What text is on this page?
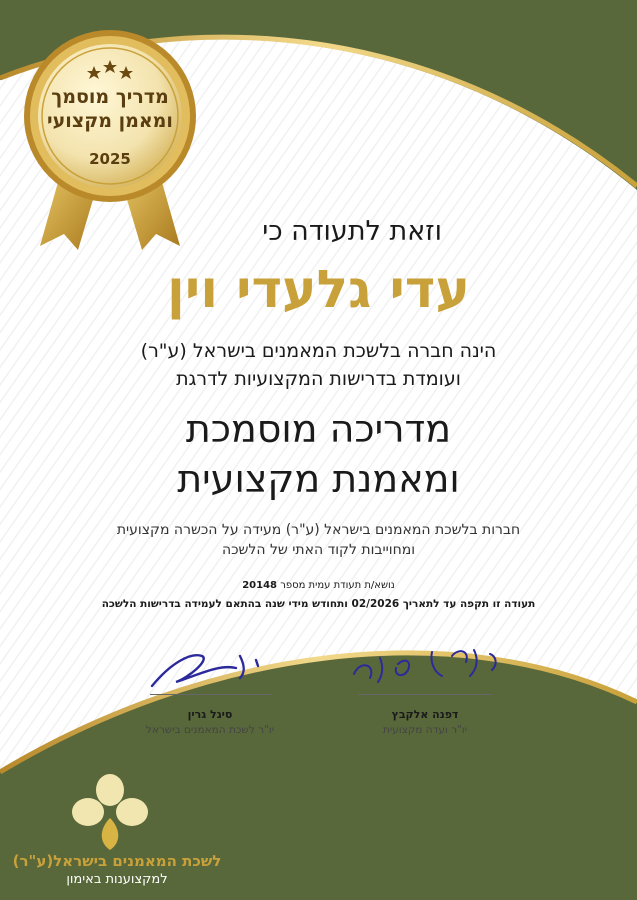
מדריך מוסמך
ומאמן מקצועי
2025
וזאת לתעודה כי
עדי גלעדי וין
הינה חברה בלשכת המאמנים בישראל (ע"ר)
ועומדת בדרישות המקצועיות לדרגת
מדריכה מוסמכת
ומאמנת מקצועית
חברות בלשכת המאמנים בישראל (ע"ר) מעידה על הכשרה מקצועית
ומחוייבות לקוד האתי של הלשכה
נושא/ת תעודת עמית מספר 20148
תעודה זו תקפה עד לתאריך 02/2026 ותחודש מידי שנה בהתאם לעמידה בדרישות הלשכה
סיגל גרין
יו"ר לשכת המאמנים בישראל
דפנה אלקבץ
יו"ר ועדה מקצועית
לשכת המאמנים בישראל(ע"ר)
למקצוענות באימון
